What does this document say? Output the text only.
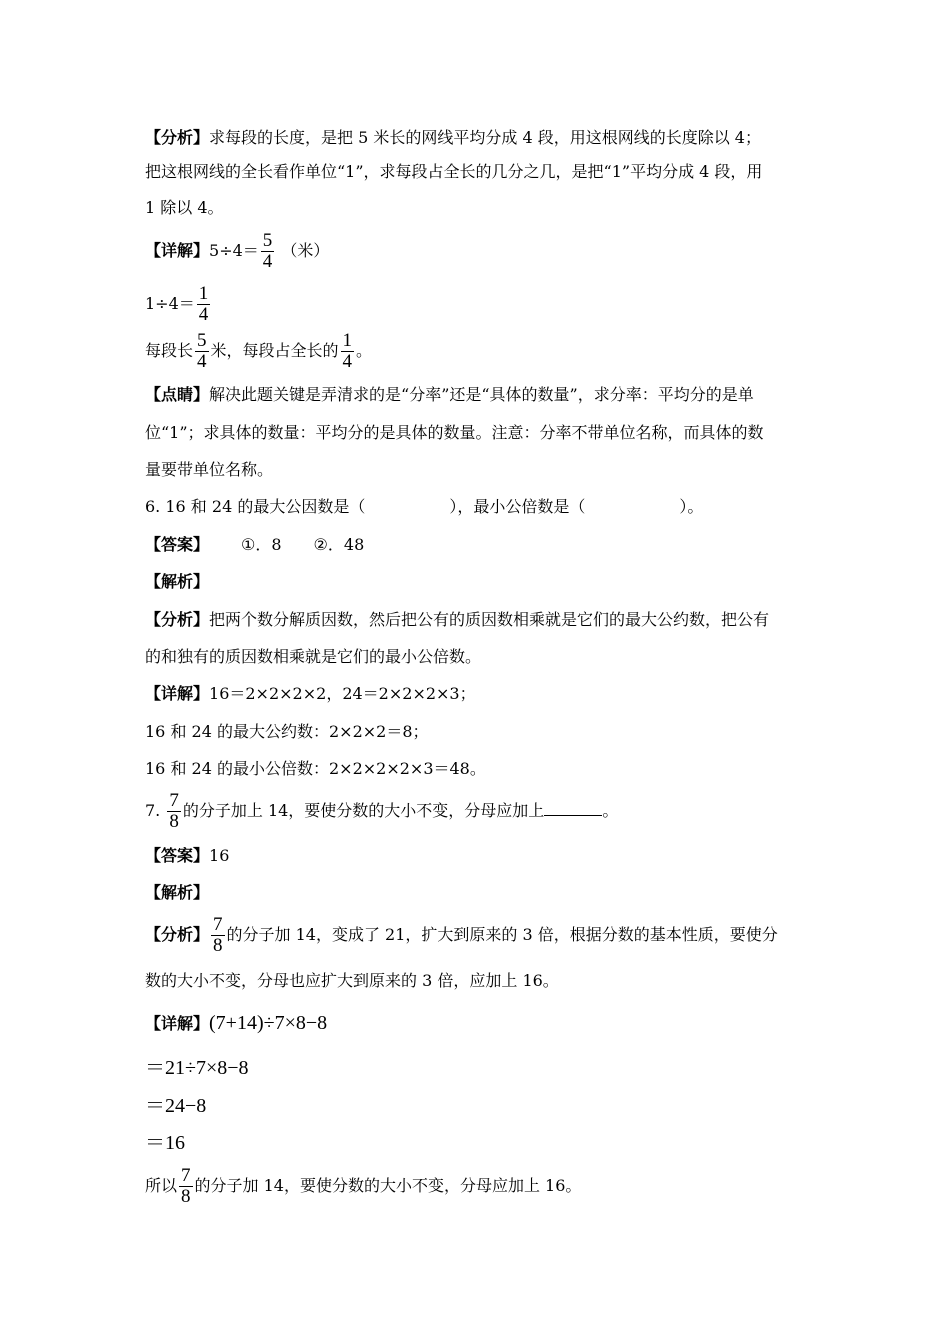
【分析】求每段的长度，是把 5 米长的网线平均分成 4 段，用这根网线的长度除以 4；
把这根网线的全长看作单位“1”，求每段占全长的几分之几，是把“1”平均分成 4 段，用
1 除以 4。
【详解】$5\div 4= \frac{5}{4}$ （米）
$1\div 4= \frac{1}{4}$
每段长 $\frac{5}{4}$ 米，每段占全长的 $\frac{1}{4}$ 。
【点睛】解决此题关键是弄清求的是“分率”还是“具体的数量”，求分率：平均分的是单
位“1”；求具体的数量：平均分的是具体的数量。注意：分率不带单位名称，而具体的数
量要带单位名称。
6. 16 和 24 的最大公因数是（	），最小公倍数是（	）。
【答案】 ①．8 ②．48
【解析】
【分析】把两个数分解质因数，然后把公有的质因数相乘就是它们的最大公约数，把公有
的和独有的质因数相乘就是它们的最小公倍数。
【详解】16＝2×2×2×2，24＝2×2×2×3；
16 和 24 的最大公约数：2×2×2＝8；
16 和 24 的最小公倍数：2×2×2×2×3＝48。
7. $\frac{7}{8}$ 的分子加上 14，要使分数的大小不变，分母应加上	。
【答案】16
【解析】
【分析】 $\frac{7}{8}$ 的分子加 14，变成了 21，扩大到原来的 3 倍，根据分数的基本性质，要使分
数的大小不变，分母也应扩大到原来的 3 倍，应加上 16。
【详解】(7+14)÷7×8−8
＝21÷7×8−8
＝24−8
＝16
所以 $\frac{7}{8}$ 的分子加 14，要使分数的大小不变，分母应加上 16。
